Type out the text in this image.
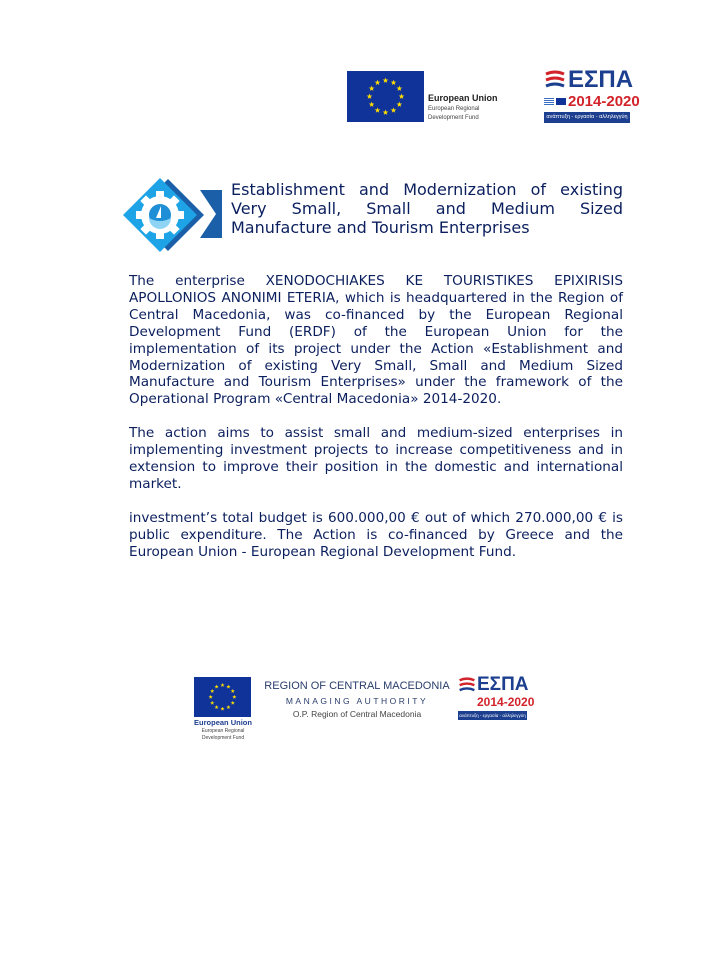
European Union
European Regional
Development Fund
ΕΣΠΑ
2014-2020
ανάπτυξη - εργασία - αλληλεγγύη
Establishment and Modernization of existing Very Small, Small and Medium Sized Manufacture and Tourism Enterprises

The enterprise XENODOCHIAKES KE TOURISTIKES EPIXIRISIS APOLLONIOS ANONIMI ETERIA, which is headquartered in the Region of Central Macedonia, was co-financed by the European Regional Development Fund (ERDF) of the European Union for the implementation of its project under the Action «Establishment and Modernization of existing Very Small, Small and Medium Sized Manufacture and Tourism Enterprises» under the framework of the Operational Program «Central Macedonia» 2014-2020.

The action aims to assist small and medium-sized enterprises in implementing investment projects to increase competitiveness and in extension to improve their position in the domestic and international market.

investment’s total budget is 600.000,00 € out of which 270.000,00 € is public expenditure. The Action is co-financed by Greece and the European Union - European Regional Development Fund.

European Union
European Regional
Development Fund
REGION OF CENTRAL MACEDONIA
MANAGING AUTHORITY
O.P. Region of Central Macedonia
ΕΣΠΑ
2014-2020
ανάπτυξη - εργασία - αλληλεγγύη
